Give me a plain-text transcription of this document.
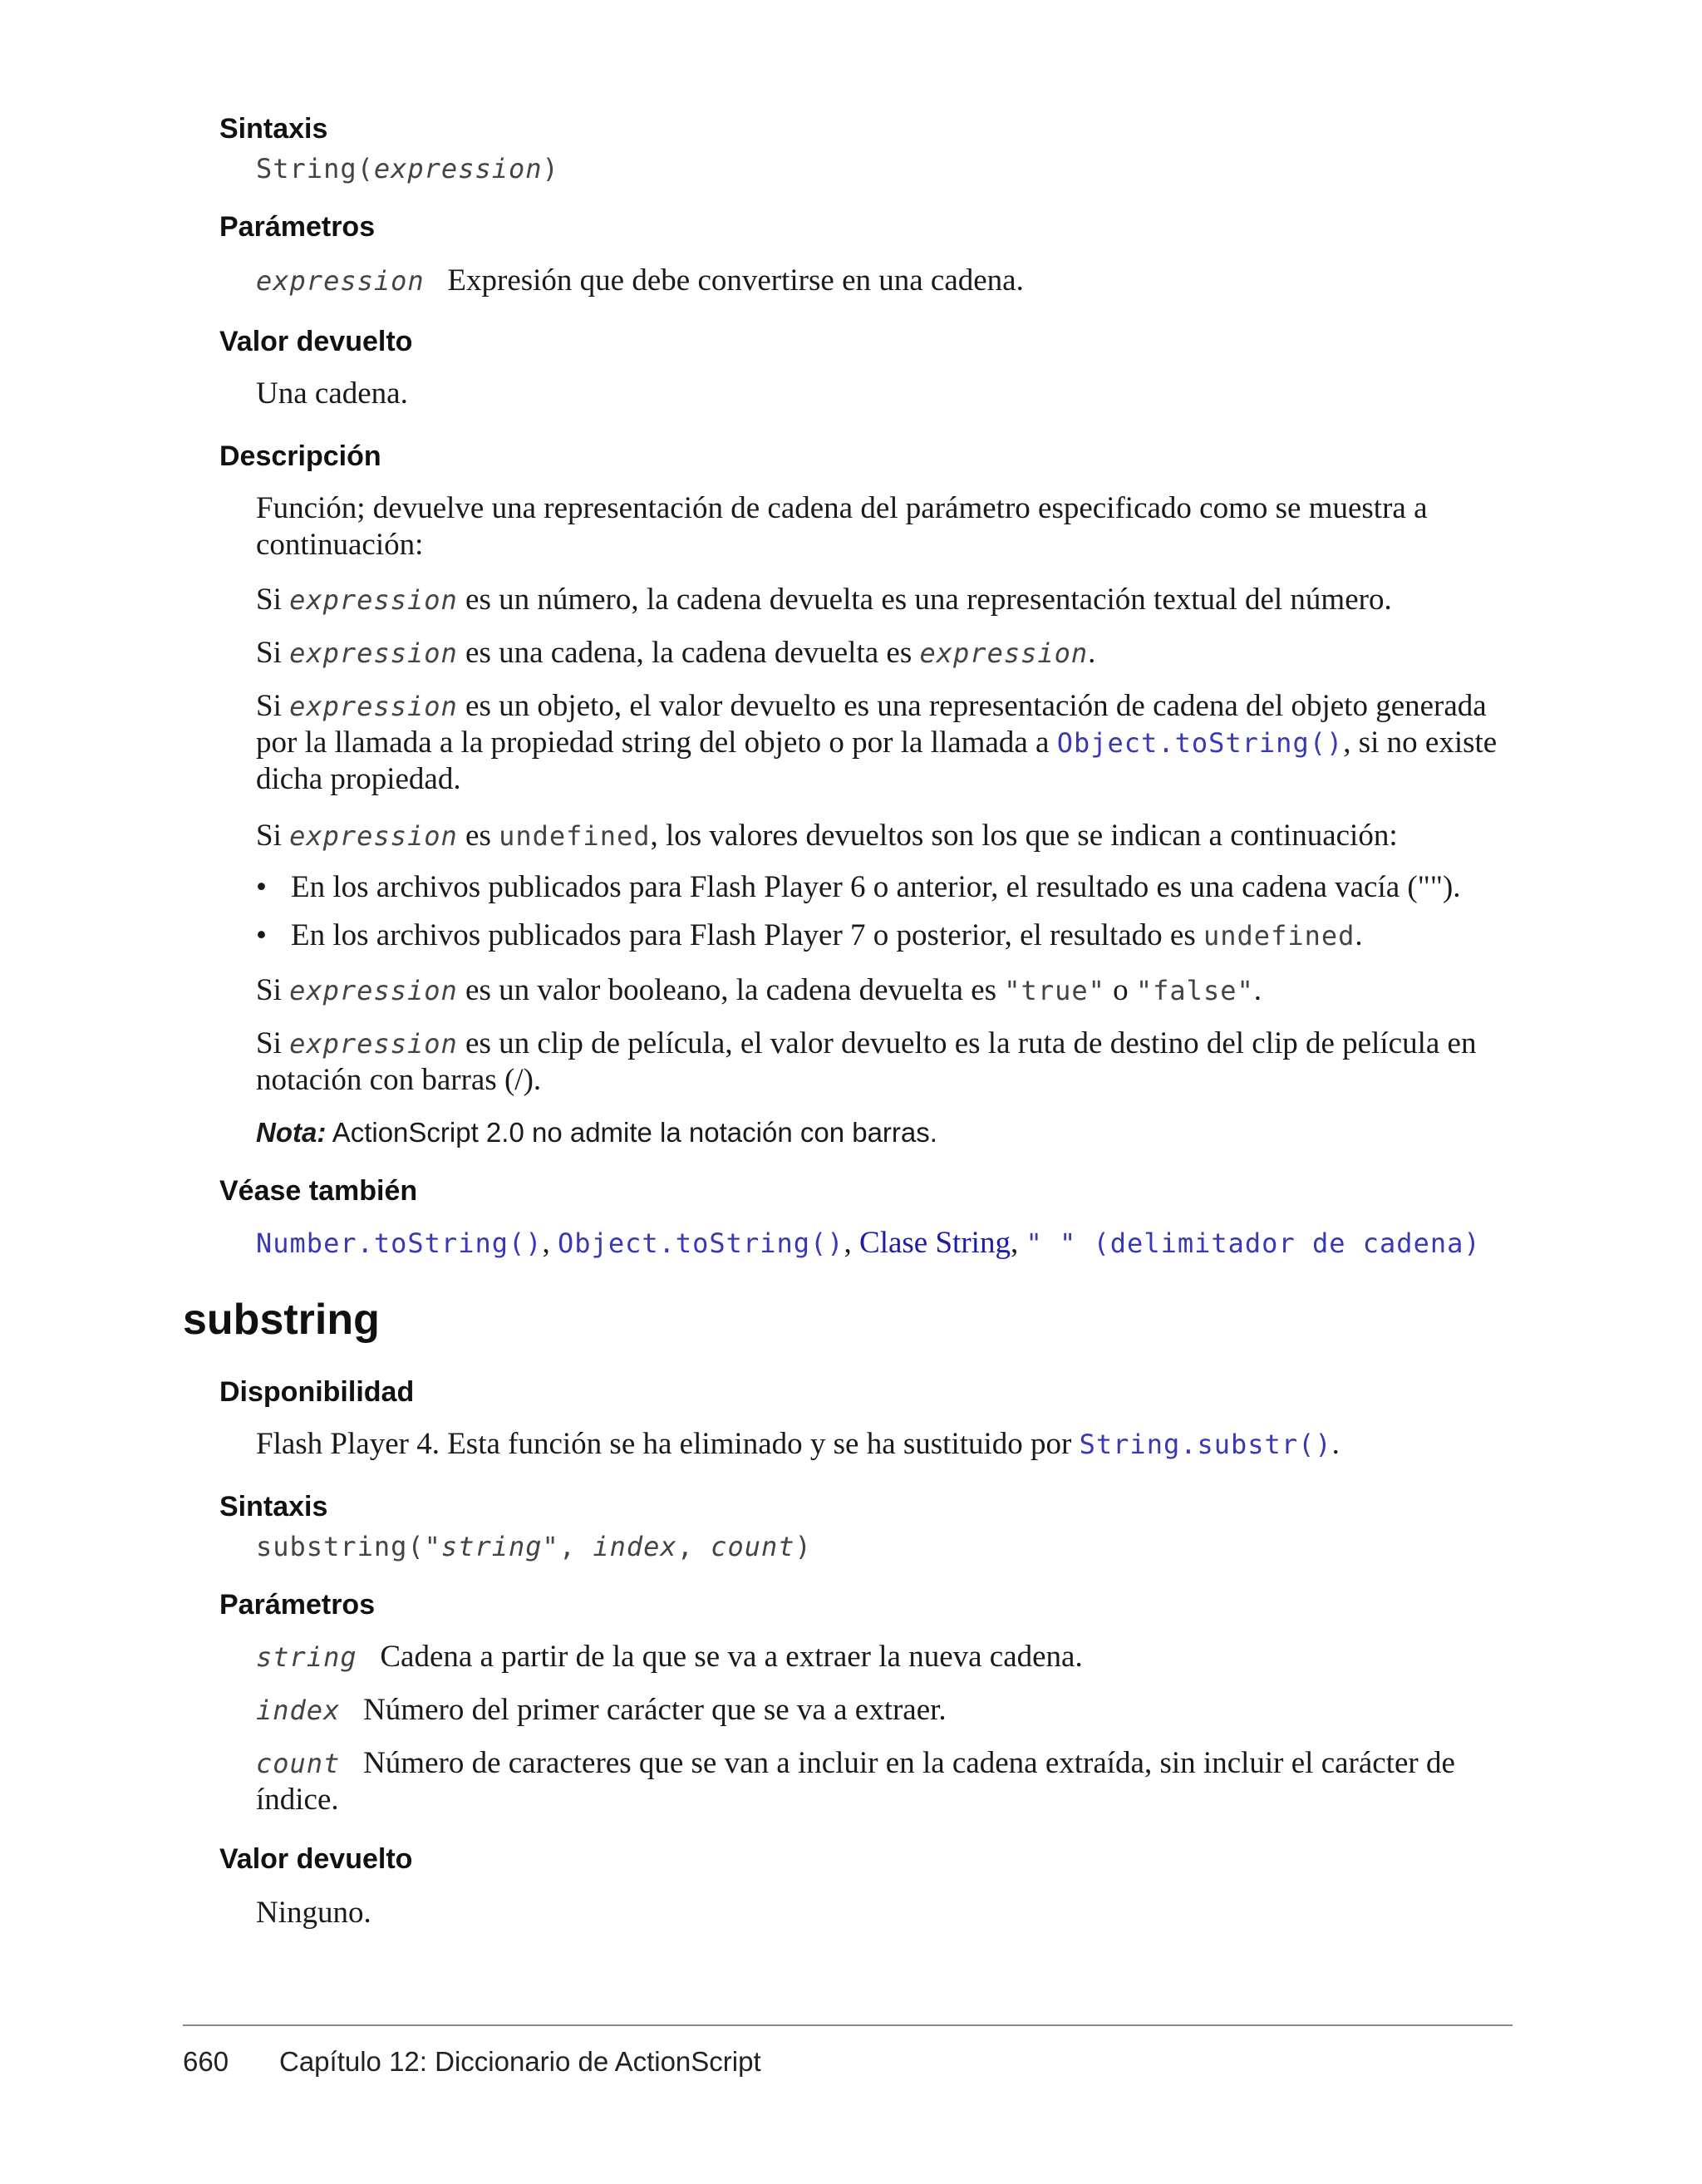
Sintaxis
String(expression)
Parámetros
expression Expresión que debe convertirse en una cadena.
Valor devuelto
Una cadena.
Descripción
Función; devuelve una representación de cadena del parámetro especificado como se muestra a continuación:
Si expression es un número, la cadena devuelta es una representación textual del número.
Si expression es una cadena, la cadena devuelta es expression.
Si expression es un objeto, el valor devuelto es una representación de cadena del objeto generada por la llamada a la propiedad string del objeto o por la llamada a Object.toString(), si no existe dicha propiedad.
Si expression es undefined, los valores devueltos son los que se indican a continuación:
• En los archivos publicados para Flash Player 6 o anterior, el resultado es una cadena vacía ("").
• En los archivos publicados para Flash Player 7 o posterior, el resultado es undefined.
Si expression es un valor booleano, la cadena devuelta es "true" o "false".
Si expression es un clip de película, el valor devuelto es la ruta de destino del clip de película en notación con barras (/).
Nota: ActionScript 2.0 no admite la notación con barras.
Véase también
Number.toString(), Object.toString(), Clase String, " " (delimitador de cadena)
substring
Disponibilidad
Flash Player 4. Esta función se ha eliminado y se ha sustituido por String.substr().
Sintaxis
substring("string", index, count)
Parámetros
string Cadena a partir de la que se va a extraer la nueva cadena.
index Número del primer carácter que se va a extraer.
count Número de caracteres que se van a incluir en la cadena extraída, sin incluir el carácter de índice.
Valor devuelto
Ninguno.
660 Capítulo 12: Diccionario de ActionScript
